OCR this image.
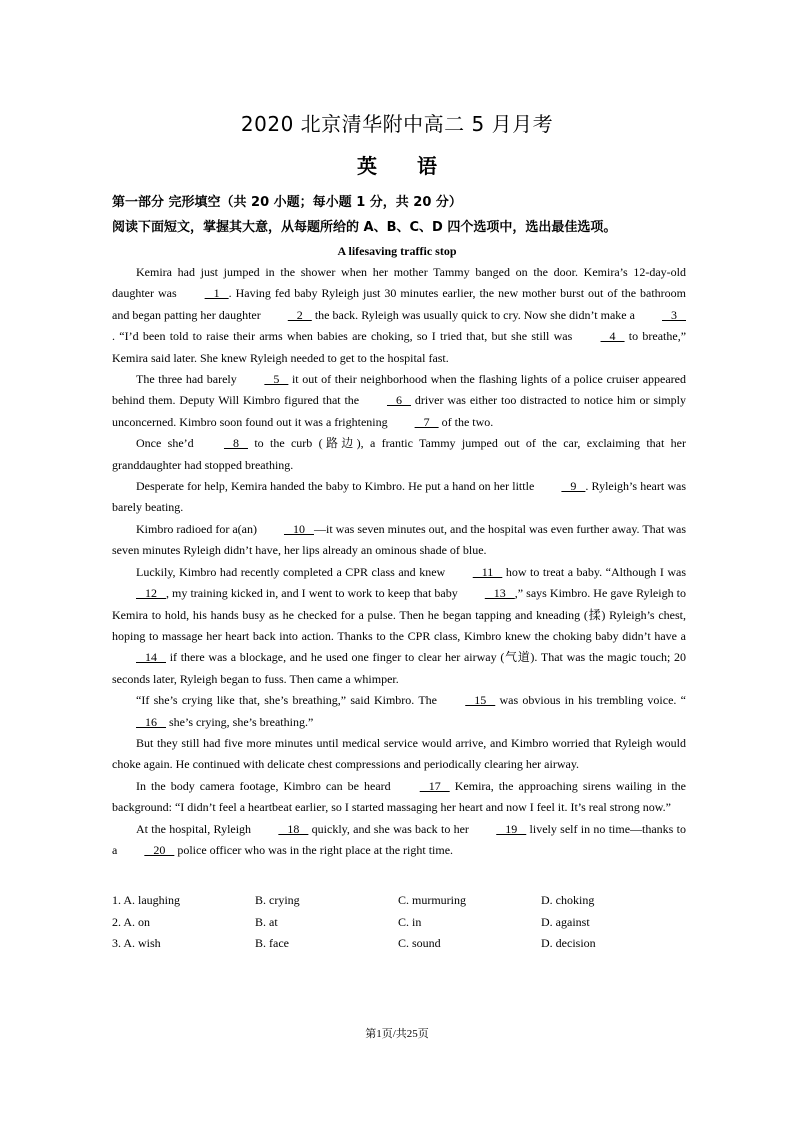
2020 北京清华附中高二 5 月月考
英 语
第一部分 完形填空（共 20 小题；每小题 1 分，共 20 分）
阅读下面短文，掌握其大意，从每题所给的 A、B、C、D 四个选项中，选出最佳选项。
A lifesaving traffic stop

Kemira had just jumped in the shower when her mother Tammy banged on the door. Kemira’s 12-day-old daughter was    1   . Having fed baby Ryleigh just 30 minutes earlier, the new mother burst out of the bathroom and began patting her daughter    2    the back. Ryleigh was usually quick to cry. Now she didn’t make a    3   . “I’d been told to raise their arms when babies are choking, so I tried that, but she still was    4    to breathe,” Kemira said later. She knew Ryleigh needed to get to the hospital fast.

The three had barely    5    it out of their neighborhood when the flashing lights of a police cruiser appeared behind them. Deputy Will Kimbro figured that the    6    driver was either too distracted to notice him or simply unconcerned. Kimbro soon found out it was a frightening    7    of the two.

Once she’d    8    to the curb (路边), a frantic Tammy jumped out of the car, exclaiming that her granddaughter had stopped breathing.

Desperate for help, Kemira handed the baby to Kimbro. He put a hand on her little    9   . Ryleigh’s heart was barely beating.

Kimbro radioed for a(an)    10   —it was seven minutes out, and the hospital was even further away. That was seven minutes Ryleigh didn’t have, her lips already an ominous shade of blue.

Luckily, Kimbro had recently completed a CPR class and knew    11    how to treat a baby. “Although I was    12   , my training kicked in, and I went to work to keep that baby    13   ,” says Kimbro. He gave Ryleigh to Kemira to hold, his hands busy as he checked for a pulse. Then he began tapping and kneading (揉) Ryleigh’s chest, hoping to massage her heart back into action. Thanks to the CPR class, Kimbro knew the choking baby didn’t have a    14    if there was a blockage, and he used one finger to clear her airway (气道). That was the magic touch; 20 seconds later, Ryleigh began to fuss. Then came a whimper.

“If she’s crying like that, she’s breathing,” said Kimbro. The    15    was obvious in his trembling voice. “   16    she’s crying, she’s breathing.”

But they still had five more minutes until medical service would arrive, and Kimbro worried that Ryleigh would choke again. He continued with delicate chest compressions and periodically clearing her airway.

In the body camera footage, Kimbro can be heard    17    Kemira, the approaching sirens wailing in the background: “I didn’t feel a heartbeat earlier, so I started massaging her heart and now I feel it. It’s real strong now.”

At the hospital, Ryleigh    18    quickly, and she was back to her    19    lively self in no time—thanks to a    20    police officer who was in the right place at the right time.

1. A. laughing	B. crying	C. murmuring	D. choking
2. A. on	B. at	C. in	D. against
3. A. wish	B. face	C. sound	D. decision
第1页/共25页
